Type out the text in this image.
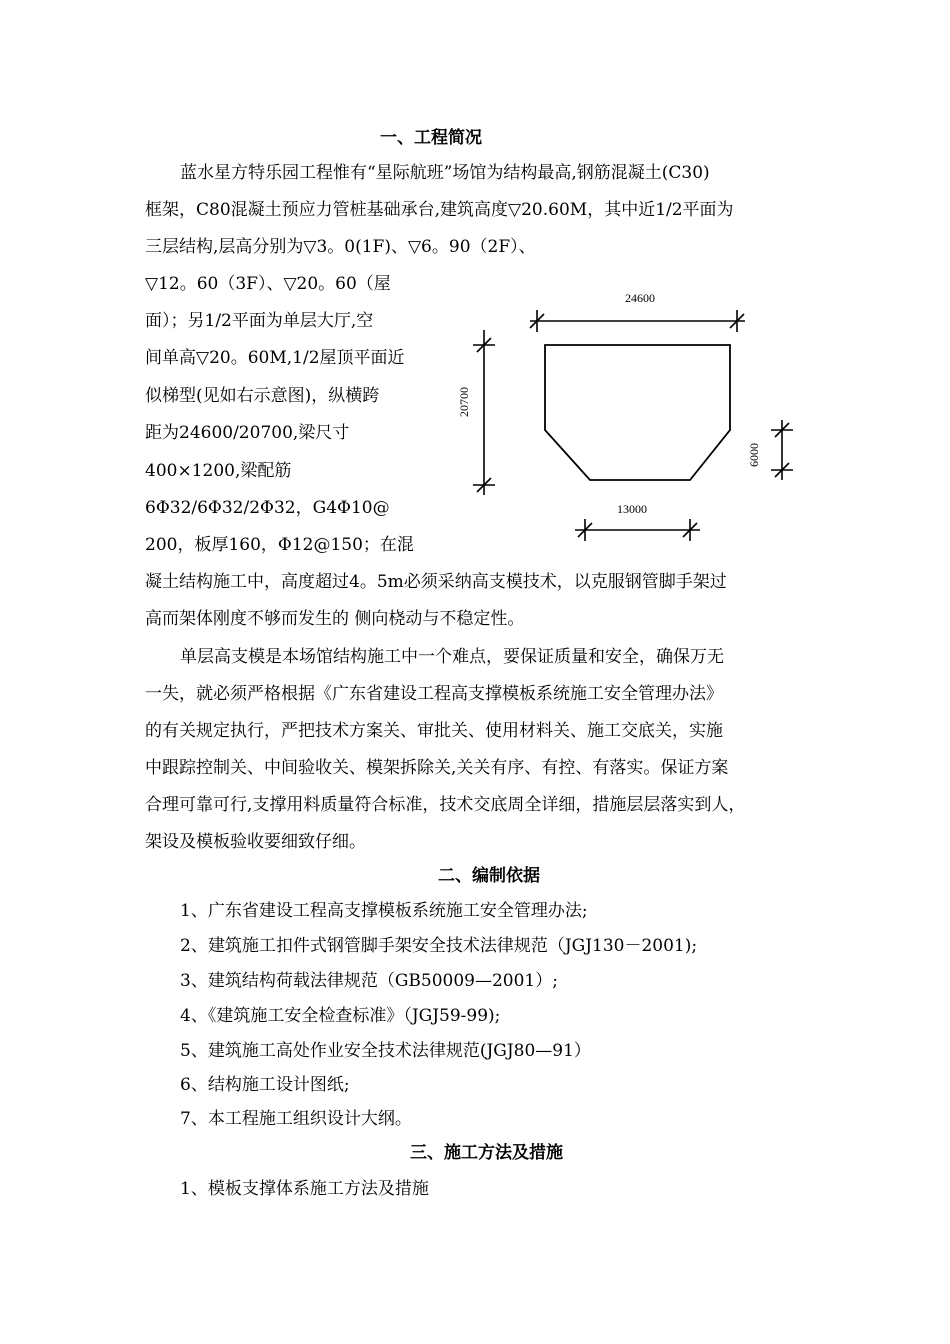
一、工程简况
蓝水星方特乐园工程惟有“星际航班”场馆为结构最高,钢筋混凝土(C30)
框架，C80混凝土预应力管桩基础承台,建筑高度▽20.60M，其中近1/2平面为
三层结构,层高分别为▽3。0(1F)、▽6。90（2F）、
▽12。60（3F）、▽20。60（屋
面）；另1/2平面为单层大厅,空
间单高▽20。60M,1/2屋顶平面近
似梯型(见如右示意图)，纵横跨
距为24600/20700,梁尺寸
400×1200,梁配筋
6Φ32/6Φ32/2Φ32，G4Φ10@
200，板厚160，Φ12@150；在混
凝土结构施工中，高度超过4。5m必须采纳高支模技术，以克服钢管脚手架过
高而架体刚度不够而发生的 侧向桡动与不稳定性。
24600
20700
6000
13000
单层高支模是本场馆结构施工中一个难点，要保证质量和安全，确保万无
一失，就必须严格根据《广东省建设工程高支撑模板系统施工安全管理办法》
的有关规定执行，严把技术方案关、审批关、使用材料关、施工交底关，实施
中跟踪控制关、中间验收关、模架拆除关,关关有序、有控、有落实。保证方案
合理可靠可行,支撑用料质量符合标准，技术交底周全详细，措施层层落实到人，
架设及模板验收要细致仔细。
二、编制依据
1、广东省建设工程高支撑模板系统施工安全管理办法;
2、建筑施工扣件式钢管脚手架安全技术法律规范（JGJ130－2001);
3、建筑结构荷载法律规范（GB50009—2001）;
4、《建筑施工安全检查标准》（JGJ59-99);
5、建筑施工高处作业安全技术法律规范(JGJ80—91）
6、结构施工设计图纸;
7、本工程施工组织设计大纲。
三、施工方法及措施
1、模板支撑体系施工方法及措施
